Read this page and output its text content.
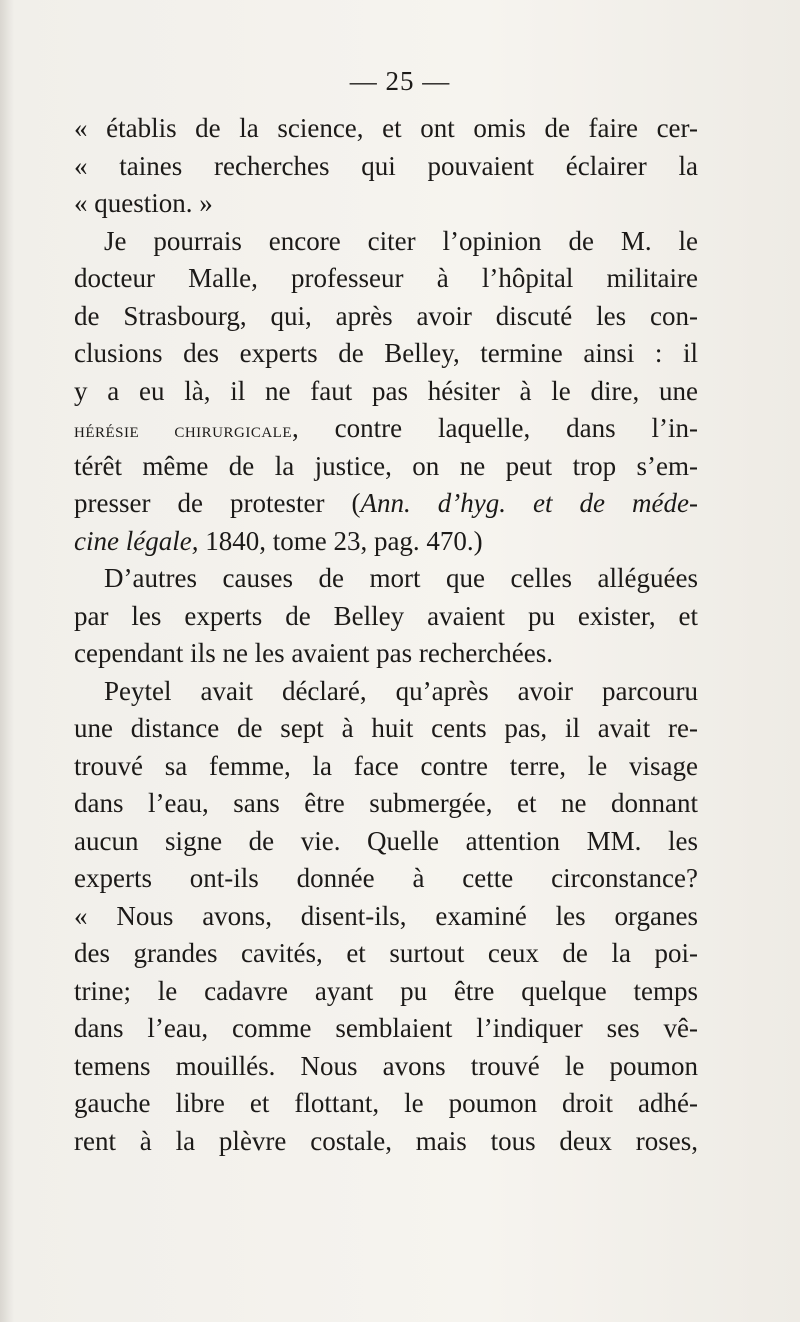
— 25 —
« établis de la science, et ont omis de faire cer-
« taines recherches qui pouvaient éclairer la
« question. »
Je pourrais encore citer l’opinion de M. le
docteur Malle, professeur à l’hôpital militaire
de Strasbourg, qui, après avoir discuté les con-
clusions des experts de Belley, termine ainsi : il
y a eu là, il ne faut pas hésiter à le dire, une
hérésie chirurgicale, contre laquelle, dans l’in-
térêt même de la justice, on ne peut trop s’em-
presser de protester (Ann. d’hyg. et de méde-
cine légale, 1840, tome 23, pag. 470.)
D’autres causes de mort que celles alléguées
par les experts de Belley avaient pu exister, et
cependant ils ne les avaient pas recherchées.
Peytel avait déclaré, qu’après avoir parcouru
une distance de sept à huit cents pas, il avait re-
trouvé sa femme, la face contre terre, le visage
dans l’eau, sans être submergée, et ne donnant
aucun signe de vie. Quelle attention MM. les
experts ont-ils donnée à cette circonstance?
« Nous avons, disent-ils, examiné les organes
des grandes cavités, et surtout ceux de la poi-
trine; le cadavre ayant pu être quelque temps
dans l’eau, comme semblaient l’indiquer ses vê-
temens mouillés. Nous avons trouvé le poumon
gauche libre et flottant, le poumon droit adhé-
rent à la plèvre costale, mais tous deux roses,
